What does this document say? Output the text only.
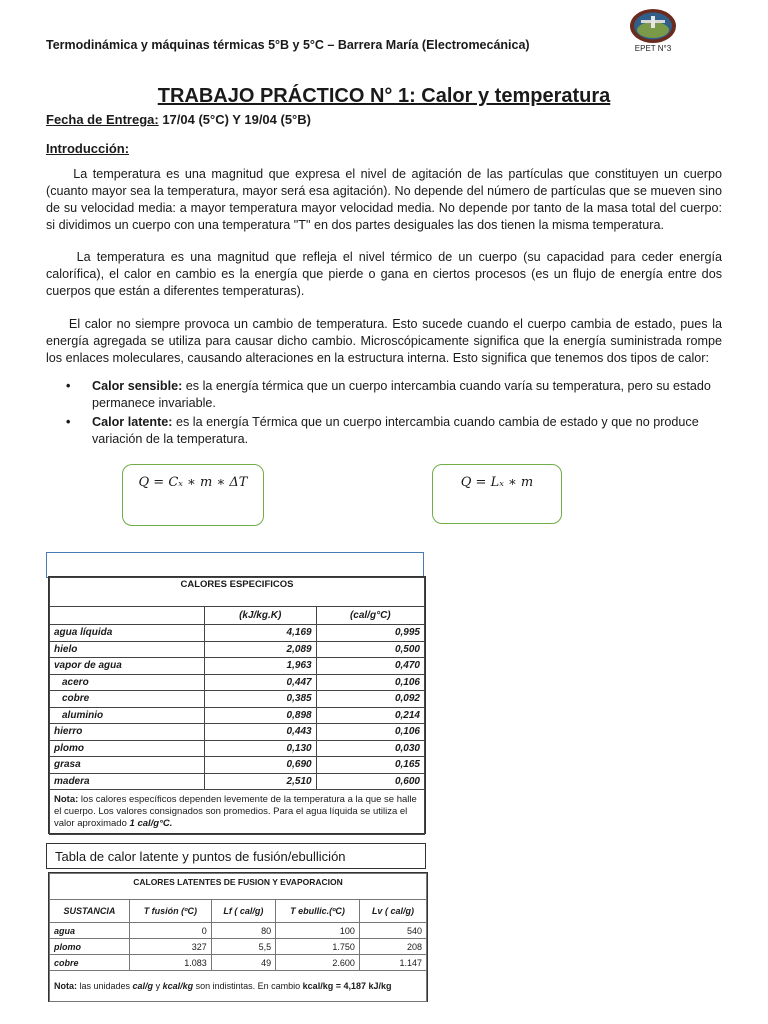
Termodinámica y máquinas térmicas 5°B y 5°C – Barrera María (Electromecánica)	EPET N°3
TRABAJO PRÁCTICO N° 1: Calor y temperatura
Fecha de Entrega: 17/04 (5°C) Y 19/04 (5°B)
Introducción:
La temperatura es una magnitud que expresa el nivel de agitación de las partículas que constituyen un cuerpo (cuanto mayor sea la temperatura, mayor será esa agitación). No depende del número de partículas que se mueven sino de su velocidad media: a mayor temperatura mayor velocidad media. No depende por tanto de la masa total del cuerpo: si dividimos un cuerpo con una temperatura "T" en dos partes desiguales las dos tienen la misma temperatura.
La temperatura es una magnitud que refleja el nivel térmico de un cuerpo (su capacidad para ceder energía calorífica), el calor en cambio es la energía que pierde o gana en ciertos procesos (es un flujo de energía entre dos cuerpos que están a diferentes temperaturas).
El calor no siempre provoca un cambio de temperatura. Esto sucede cuando el cuerpo cambia de estado, pues la energía agregada se utiliza para causar dicho cambio. Microscópicamente significa que la energía suministrada rompe los enlaces moleculares, causando alteraciones en la estructura interna. Esto significa que tenemos dos tipos de calor:
• Calor sensible: es la energía térmica que un cuerpo intercambia cuando varía su temperatura, pero su estado permanece invariable.
• Calor latente: es la energía Térmica que un cuerpo intercambia cuando cambia de estado y que no produce variación de la temperatura.
Q = Cₓ ∗ m ∗ ΔT	Q = Lₓ ∗ m
CALORES ESPECIFICOS		
	(kJ/kg.K)	(cal/g°C)
agua líquida	4,169	0,995
hielo	2,089	0,500
vapor de agua	1,963	0,470
acero	0,447	0,106
cobre	0,385	0,092
aluminio	0,898	0,214
hierro	0,443	0,106
plomo	0,130	0,030
grasa	0,690	0,165
madera	2,510	0,600
Nota: los calores específicos dependen levemente de la temperatura a la que se halle el cuerpo. Los valores consignados son promedios. Para el agua líquida se utiliza el valor aproximado 1 cal/g°C.		
Tabla de calor latente y puntos de fusión/ebullición
CALORES LATENTES DE FUSION Y EVAPORACION				
SUSTANCIA	T fusión (ºC)	Lf ( cal/g)	T ebullic.(ºC)	Lv ( cal/g)
agua	0	80	100	540
plomo	327	5,5	1.750	208
cobre	1.083	49	2.600	1.147
Nota: las unidades cal/g y kcal/kg son indistintas. En cambio kcal/kg = 4,187 kJ/kg				
